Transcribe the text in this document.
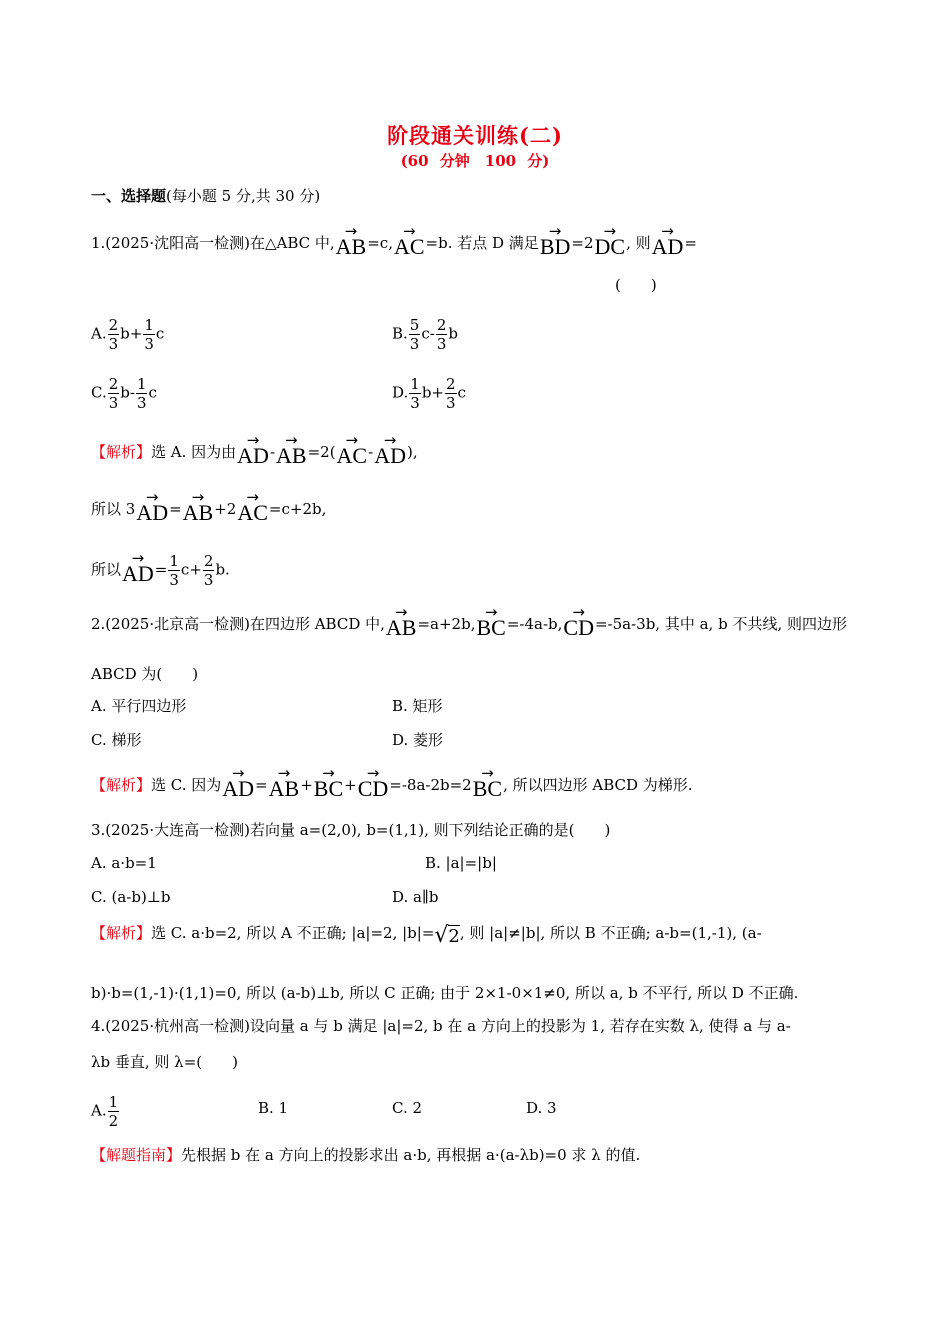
阶段通关训练(二)
(60 分钟　100 分)
一、选择题(每小题 5 分,共 30 分)
1.(2025·沈阳高一检测)在△ABC 中,→ AB=c,→ AC=b. 若点 D 满足→ BD=2→ DC, 则→ AD=
(　　)
A. $\frac{2}{3} b+ \frac{1}{3}$ c	B. $\frac{5}{3} c- \frac{2}{3}$ b
C. $\frac{2}{3} b- \frac{1}{3}$ c	D. $\frac{1}{3} b+ \frac{2}{3}$ c
【解析】选 A. 因为由→ AD-→ AB=2(→ AC-→ AD),
所以 3→ AD=→ AB+2→ AC=c+2b,
所以→ $AD= \frac{1}{3} c+ \frac{2}{3} b$.
2.(2025·北京高一检测)在四边形 ABCD 中,→ AB=a+2b,→ BC=-4a-b,→ CD=-5a-3b, 其中 a, b 不共线, 则四边形
ABCD 为(　　)
A. 平行四边形	B. 矩形
C. 梯形	D. 菱形
【解析】选 C. 因为→ AD=→ AB+→ BC+→ CD=-8a-2b=2→ BC, 所以四边形 ABCD 为梯形.
3.(2025·大连高一检测)若向量 a=(2,0), b=(1,1), 则下列结论正确的是(　　)
A. a·b=1	B. |a|=|b|
C. (a-b)⊥b	D. a∥b
【解析】选 C. a·b=2, 所以 A 不正确; |a|=2, |b|=√2, 则 |a|≠|b|, 所以 B 不正确; a-b=(1,-1), (a-
b)·b=(1,-1)·(1,1)=0, 所以 (a-b)⊥b, 所以 C 正确; 由于 2×1-0×1≠0, 所以 a, b 不平行, 所以 D 不正确.
4.(2025·杭州高一检测)设向量 a 与 b 满足 |a|=2, b 在 a 方向上的投影为 1, 若存在实数 λ, 使得 a 与 a-
λb 垂直, 则 λ=(　　)
A. $\frac{1}{2}$	B. 1	C. 2	D. 3
【解题指南】先根据 b 在 a 方向上的投影求出 a·b, 再根据 a·(a-λb)=0 求 λ 的值.
